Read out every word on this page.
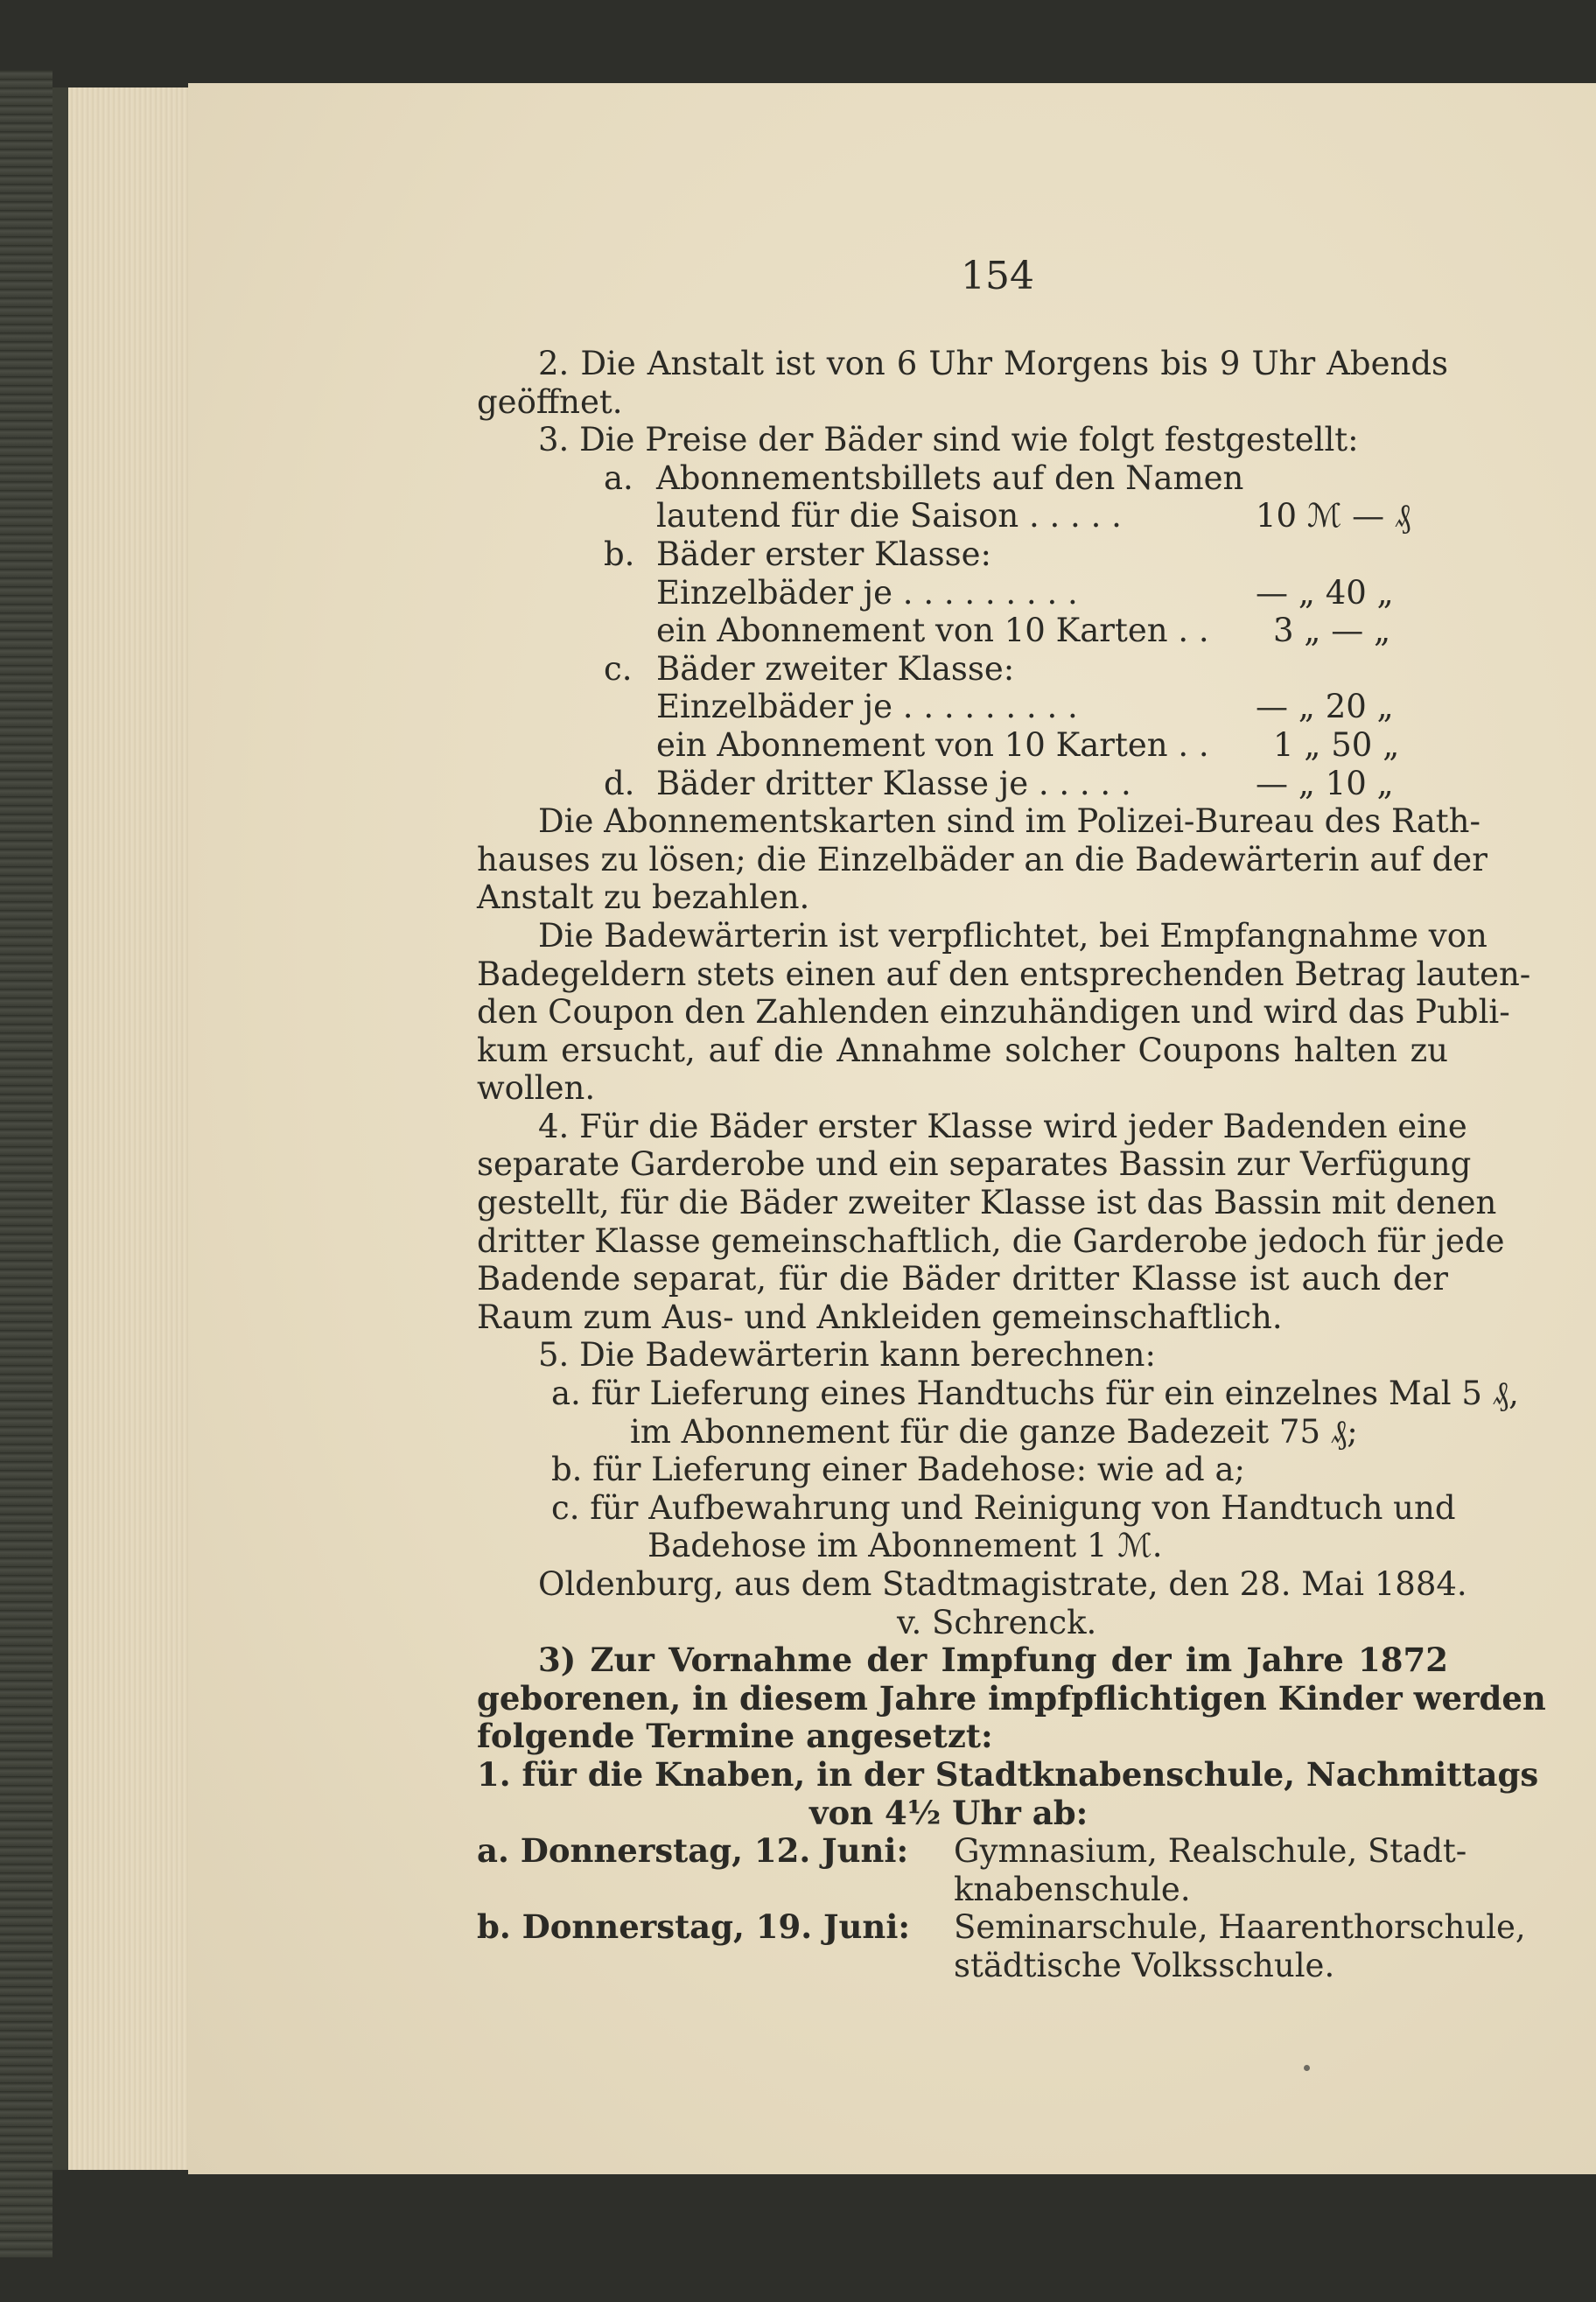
154
2. Die Anstalt ist von 6 Uhr Morgens bis 9 Uhr Abends
geöffnet.
3. Die Preise der Bäder sind wie folgt festgestellt:
a. Abonnementsbillets auf den Namen
lautend für die Saison . . . . .	10 ℳ — ₰
b. Bäder erster Klasse:
Einzelbäder je . . . . . . . . .	— „ 40 „
ein Abonnement von 10 Karten . . 3 „ — „
c. Bäder zweiter Klasse:
Einzelbäder je . . . . . . . . .	— „ 20 „
ein Abonnement von 10 Karten . . 1 „ 50 „
d. Bäder dritter Klasse je . . . . .	— „ 10 „
Die Abonnementskarten sind im Polizei-Bureau des Rath-
hauses zu lösen; die Einzelbäder an die Badewärterin auf der
Anstalt zu bezahlen.
Die Badewärterin ist verpflichtet, bei Empfangnahme von
Badegeldern stets einen auf den entsprechenden Betrag lauten-
den Coupon den Zahlenden einzuhändigen und wird das Publi-
kum ersucht, auf die Annahme solcher Coupons halten zu
wollen.
4. Für die Bäder erster Klasse wird jeder Badenden eine
separate Garderobe und ein separates Bassin zur Verfügung
gestellt, für die Bäder zweiter Klasse ist das Bassin mit denen
dritter Klasse gemeinschaftlich, die Garderobe jedoch für jede
Badende separat, für die Bäder dritter Klasse ist auch der
Raum zum Aus- und Ankleiden gemeinschaftlich.
5. Die Badewärterin kann berechnen:
a. für Lieferung eines Handtuchs für ein einzelnes Mal 5 ₰,
im Abonnement für die ganze Badezeit 75 ₰;
b. für Lieferung einer Badehose: wie ad a;
c. für Aufbewahrung und Reinigung von Handtuch und
Badehose im Abonnement 1 ℳ.
Oldenburg, aus dem Stadtmagistrate, den 28. Mai 1884.
v. Schrenck.
3) Zur Vornahme der Impfung der im Jahre 1872
geborenen, in diesem Jahre impfpflichtigen Kinder werden
folgende Termine angesetzt:
1. für die Knaben, in der Stadtknabenschule, Nachmittags
von 4½ Uhr ab:
a. Donnerstag, 12. Juni: Gymnasium, Realschule, Stadt-
knabenschule.
b. Donnerstag, 19. Juni: Seminarschule, Haarenthorschule,
städtische Volksschule.
